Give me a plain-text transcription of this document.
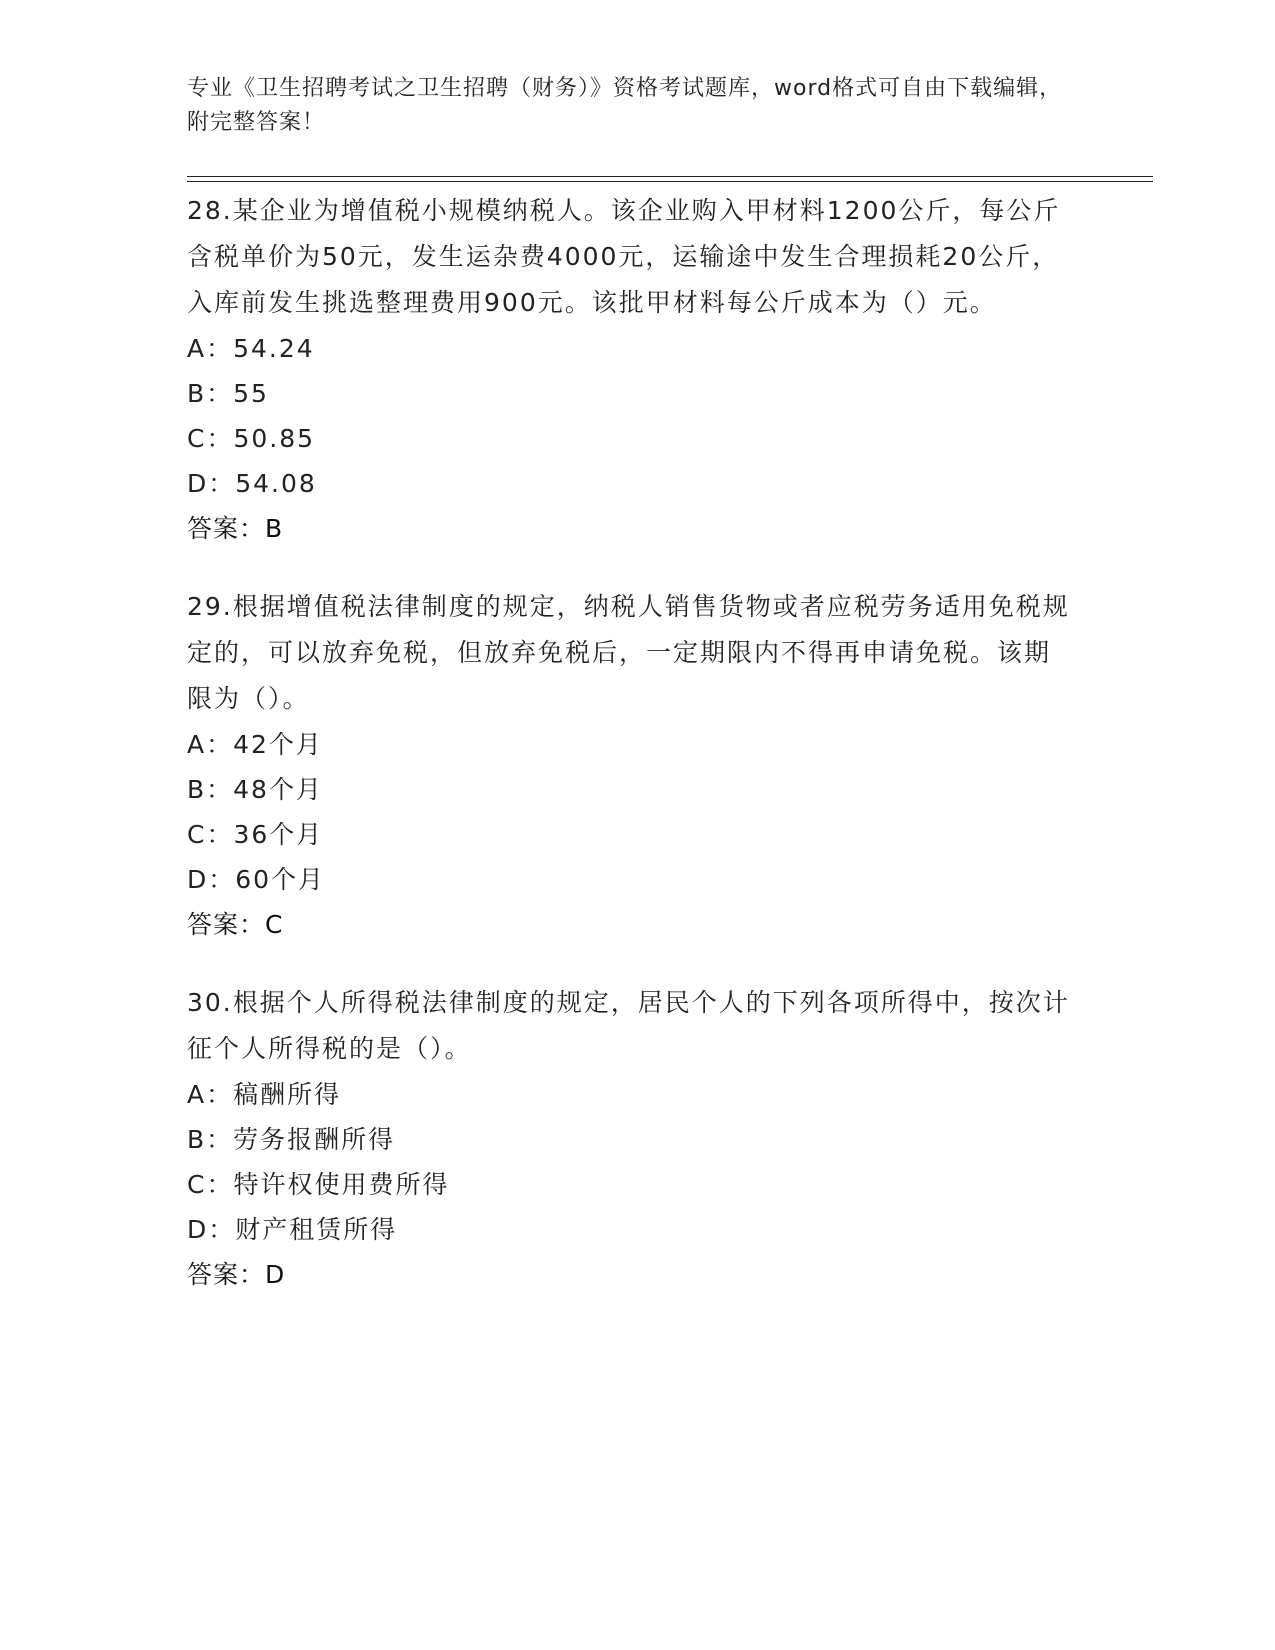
专业《卫生招聘考试之卫生招聘（财务）》资格考试题库，word格式可自由下载编辑，附完整答案！

28.某企业为增值税小规模纳税人。该企业购入甲材料1200公斤，每公斤含税单价为50元，发生运杂费4000元，运输途中发生合理损耗20公斤，入库前发生挑选整理费用900元。该批甲材料每公斤成本为（）元。

A：54.24

B：55

C：50.85

D：54.08

答案：B

29.根据增值税法律制度的规定，纳税人销售货物或者应税劳务适用免税规定的，可以放弃免税，但放弃免税后，一定期限内不得再申请免税。该期限为（）。

A：42个月

B：48个月

C：36个月

D：60个月

答案：C

30.根据个人所得税法律制度的规定，居民个人的下列各项所得中，按次计征个人所得税的是（）。

A：稿酬所得

B：劳务报酬所得

C：特许权使用费所得

D：财产租赁所得

答案：D
